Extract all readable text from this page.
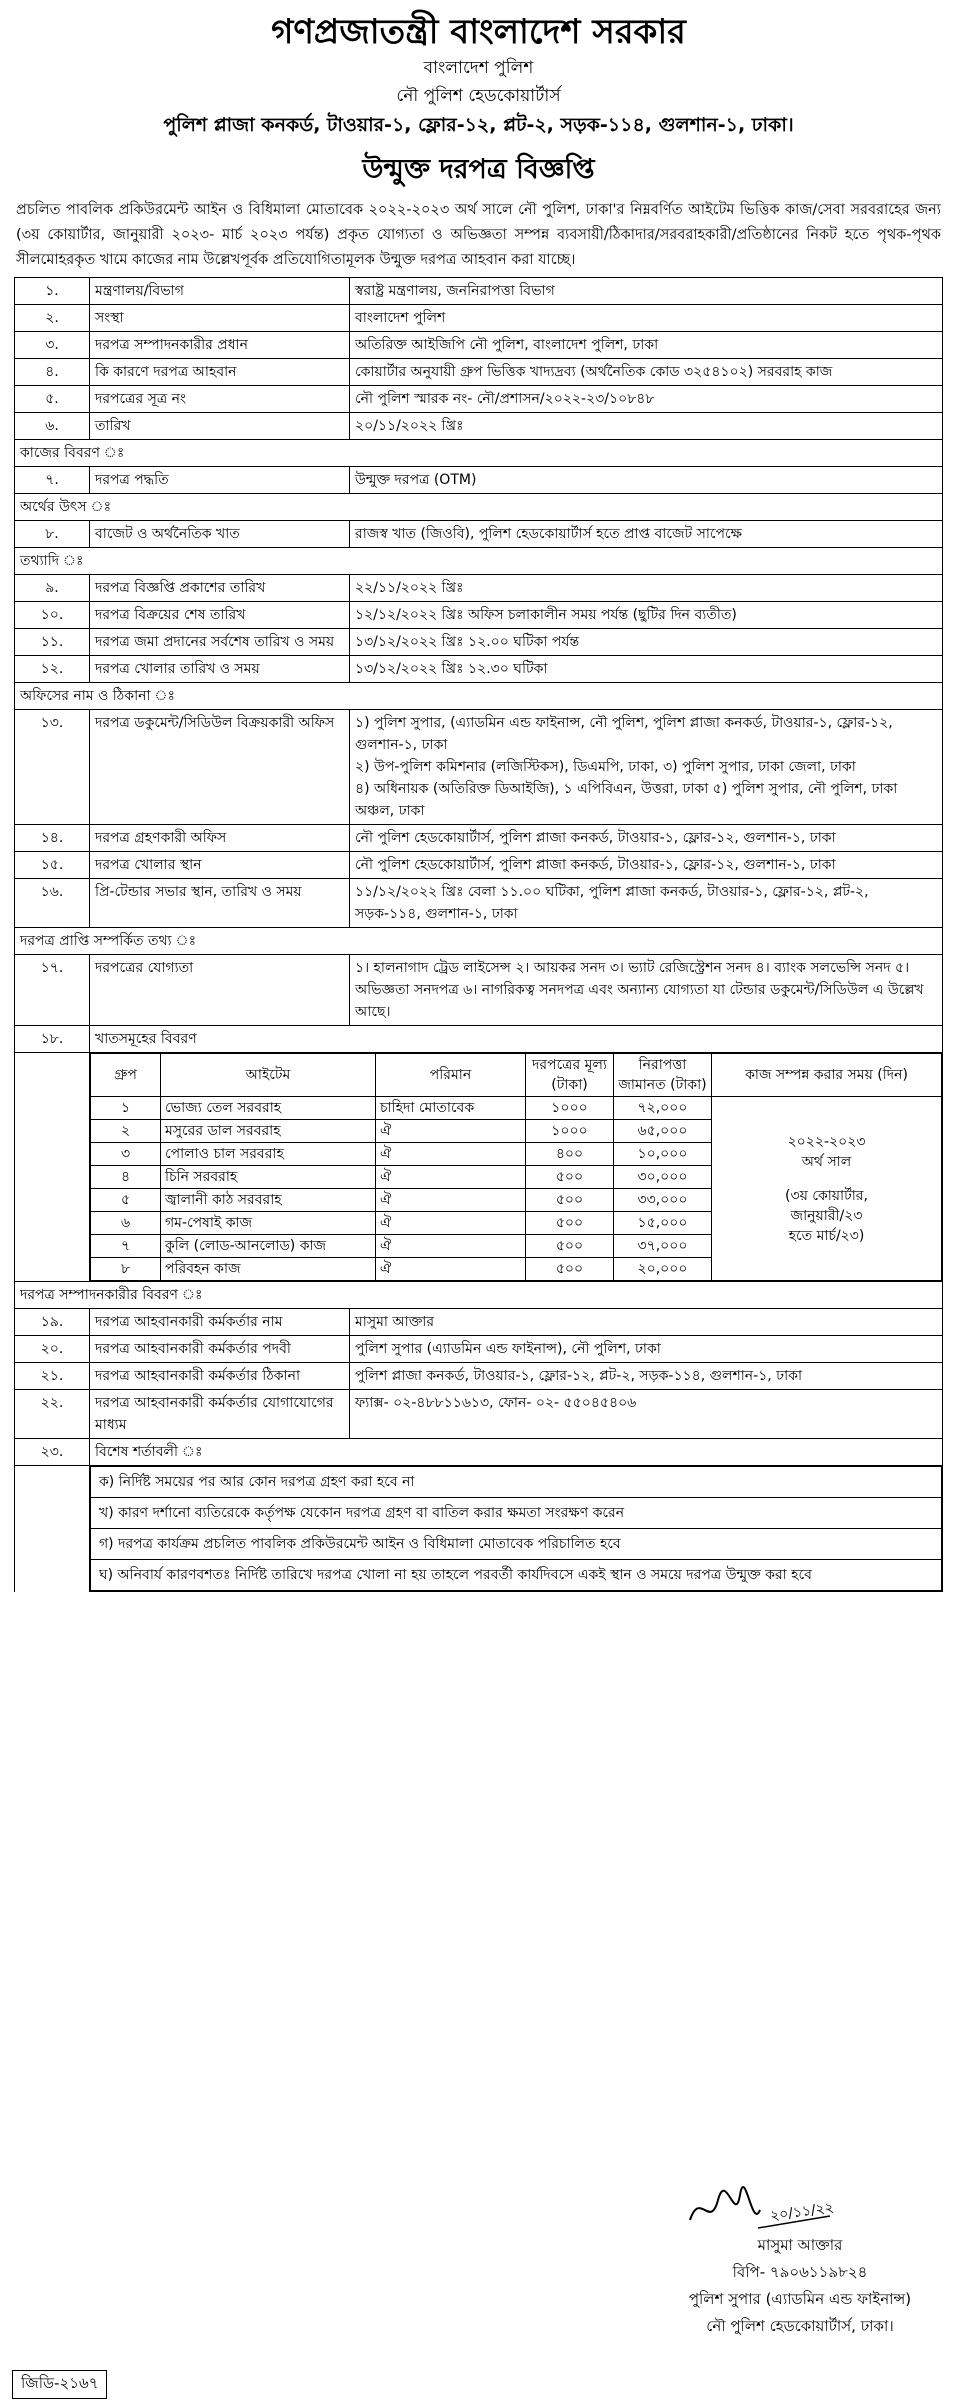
গণপ্রজাতন্ত্রী বাংলাদেশ সরকার
বাংলাদেশ পুলিশ
নৌ পুলিশ হেডকোয়ার্টার্স
পুলিশ প্লাজা কনকর্ড, টাওয়ার-১, ফ্লোর-১২, প্লট-২, সড়ক-১১৪, গুলশান-১, ঢাকা।
উন্মুক্ত দরপত্র বিজ্ঞপ্তি
প্রচলিত পাবলিক প্রকিউরমেন্ট আইন ও বিধিমালা মোতাবেক ২০২২-২০২৩ অর্থ সালে নৌ পুলিশ, ঢাকা'র নিম্নবর্ণিত আইটেম ভিত্তিক কাজ/সেবা সরবরাহের জন্য (৩য় কোয়ার্টার, জানুয়ারী ২০২৩- মার্চ ২০২৩ পর্যন্ত) প্রকৃত যোগ্যতা ও অভিজ্ঞতা সম্পন্ন ব্যবসায়ী/ঠিকাদার/সরবরাহকারী/প্রতিষ্ঠানের নিকট হতে পৃথক-পৃথক সীলমোহরকৃত খামে কাজের নাম উল্লেখপূর্বক প্রতিযোগিতামূলক উন্মুক্ত দরপত্র আহবান করা যাচ্ছে।
১.	মন্ত্রণালয়/বিভাগ	স্বরাষ্ট্র মন্ত্রণালয়, জননিরাপত্তা বিভাগ
২.	সংস্থা	বাংলাদেশ পুলিশ
৩.	দরপত্র সম্পাদনকারীর প্রধান	অতিরিক্ত আইজিপি নৌ পুলিশ, বাংলাদেশ পুলিশ, ঢাকা
৪.	কি কারণে দরপত্র আহবান	কোয়ার্টার অনুযায়ী গ্রুপ ভিত্তিক খাদ্যদ্রব্য (অর্থনৈতিক কোড ৩২৫৪১০২) সরবরাহ কাজ
৫.	দরপত্রের সূত্র নং	নৌ পুলিশ স্মারক নং- নৌ/প্রশাসন/২০২২-২৩/১০৮৪৮
৬.	তারিখ	২০/১১/২০২২ খ্রিঃ
কাজের বিবরণ ঃ
৭.	দরপত্র পদ্ধতি	উন্মুক্ত দরপত্র (OTM)
অর্থের উৎস ঃ
৮.	বাজেট ও অর্থনৈতিক খাত	রাজস্ব খাত (জিওবি), পুলিশ হেডকোয়ার্টার্স হতে প্রাপ্ত বাজেট সাপেক্ষে
তথ্যাদি ঃ
৯.	দরপত্র বিজ্ঞপ্তি প্রকাশের তারিখ	২২/১১/২০২২ খ্রিঃ
১০.	দরপত্র বিক্রয়ের শেষ তারিখ	১২/১২/২০২২ খ্রিঃ অফিস চলাকালীন সময় পর্যন্ত (ছুটির দিন ব্যতীত)
১১.	দরপত্র জমা প্রদানের সর্বশেষ তারিখ ও সময়	১৩/১২/২০২২ খ্রিঃ ১২.০০ ঘটিকা পর্যন্ত
১২.	দরপত্র খোলার তারিখ ও সময়	১৩/১২/২০২২ খ্রিঃ ১২.৩০ ঘটিকা
অফিসের নাম ও ঠিকানা ঃ
১৩.	দরপত্র ডকুমেন্ট/সিডিউল বিক্রয়কারী অফিস	১) পুলিশ সুপার, (এ্যাডমিন এন্ড ফাইনান্স, নৌ পুলিশ, পুলিশ প্লাজা কনকর্ড, টাওয়ার-১, ফ্লোর-১২, গুলশান-১, ঢাকা
২) উপ-পুলিশ কমিশনার (লজিস্টিকস), ডিএমপি, ঢাকা, ৩) পুলিশ সুপার, ঢাকা জেলা, ঢাকা
৪) অধিনায়ক (অতিরিক্ত ডিআইজি), ১ এপিবিএন, উত্তরা, ঢাকা ৫) পুলিশ সুপার, নৌ পুলিশ, ঢাকা অঞ্চল, ঢাকা

১৪.	দরপত্র গ্রহণকারী অফিস	নৌ পুলিশ হেডকোয়ার্টার্স, পুলিশ প্লাজা কনকর্ড, টাওয়ার-১, ফ্লোর-১২, গুলশান-১, ঢাকা
১৫.	দরপত্র খোলার স্থান	নৌ পুলিশ হেডকোয়ার্টার্স, পুলিশ প্লাজা কনকর্ড, টাওয়ার-১, ফ্লোর-১২, গুলশান-১, ঢাকা
১৬.	প্রি-টেন্ডার সভার স্থান, তারিখ ও সময়	১১/১২/২০২২ খ্রিঃ বেলা ১১.০০ ঘটিকা, পুলিশ প্লাজা কনকর্ড, টাওয়ার-১, ফ্লোর-১২, প্লট-২, সড়ক-১১৪, গুলশান-১, ঢাকা
দরপত্র প্রাপ্তি সম্পর্কিত তথ্য ঃ
১৭.	দরপত্রের যোগ্যতা	১। হালনাগাদ ট্রেড লাইসেন্স ২। আয়কর সনদ ৩। ভ্যাট রেজিস্ট্রেশন সনদ ৪। ব্যাংক সলভেন্সি সনদ ৫। অভিজ্ঞতা সনদপত্র ৬। নাগরিকত্ব সনদপত্র এবং অন্যান্য যোগ্যতা যা টেন্ডার ডকুমেন্ট/সিডিউল এ উল্লেখ আছে।
১৮.	খাতসমূহের বিবরণ

গ্রুপ	আইটেম	পরিমান	দরপত্রের মূল্য (টাকা)	নিরাপত্তা জামানত (টাকা)	কাজ সম্পন্ন করার সময় (দিন)
১	ভোজ্য তেল সরবরাহ	চাহিদা মোতাবেক	১০০০	৭২,০০০	
২০২২-২০২৩
অর্থ সাল
(৩য় কোয়ার্টার,
জানুয়ারী/২৩
হতে মার্চ/২৩)

২	মসুরের ডাল সরবরাহ	ঐ	১০০০	৬৫,০০০
৩	পোলাও চাল সরবরাহ	ঐ	৪০০	১০,০০০
৪	চিনি সরবরাহ	ঐ	৫০০	৩০,০০০
৫	জ্বালানী কাঠ সরবরাহ	ঐ	৫০০	৩৩,০০০
৬	গম-পেষাই কাজ	ঐ	৫০০	১৫,০০০
৭	কুলি (লোড-আনলোড) কাজ	ঐ	৫০০	৩৭,০০০
৮	পরিবহন কাজ	ঐ	৫০০	২০,০০০

দরপত্র সম্পাদনকারীর বিবরণ ঃ
১৯.	দরপত্র আহবানকারী কর্মকর্তার নাম	মাসুমা আক্তার
২০.	দরপত্র আহবানকারী কর্মকর্তার পদবী	পুলিশ সুপার (এ্যাডমিন এন্ড ফাইনান্স), নৌ পুলিশ, ঢাকা
২১.	দরপত্র আহবানকারী কর্মকর্তার ঠিকানা	পুলিশ প্লাজা কনকর্ড, টাওয়ার-১, ফ্লোর-১২, প্লট-২, সড়ক-১১৪, গুলশান-১, ঢাকা
২২.	দরপত্র আহবানকারী কর্মকর্তার যোগাযোগের মাধ্যম	ফ্যাক্স- ০২-৪৮৮১১৬১৩, ফোন- ০২- ৫৫০৪৫৪০৬
২৩.	বিশেষ শর্তাবলী ঃ

ক) নির্দিষ্ট সময়ের পর আর কোন দরপত্র গ্রহণ করা হবে না
খ) কারণ দর্শানো ব্যতিরেকে কর্তৃপক্ষ যেকোন দরপত্র গ্রহণ বা বাতিল করার ক্ষমতা সংরক্ষণ করেন
গ) দরপত্র কার্যক্রম প্রচলিত পাবলিক প্রকিউরমেন্ট আইন ও বিধিমালা মোতাবেক পরিচালিত হবে
ঘ) অনিবার্য কারণবশতঃ নির্দিষ্ট তারিখে দরপত্র খোলা না হয় তাহলে পরবর্তী কার্যদিবসে একই স্থান ও সময়ে দরপত্র উন্মুক্ত করা হবে
২০/১১/২২
মাসুমা আক্তার
বিপি- ৭৯০৬১১৯৮২৪
পুলিশ সুপার (এ্যাডমিন এন্ড ফাইনান্স)
নৌ পুলিশ হেডকোয়ার্টার্স, ঢাকা।
জিডি-২১৬৭
